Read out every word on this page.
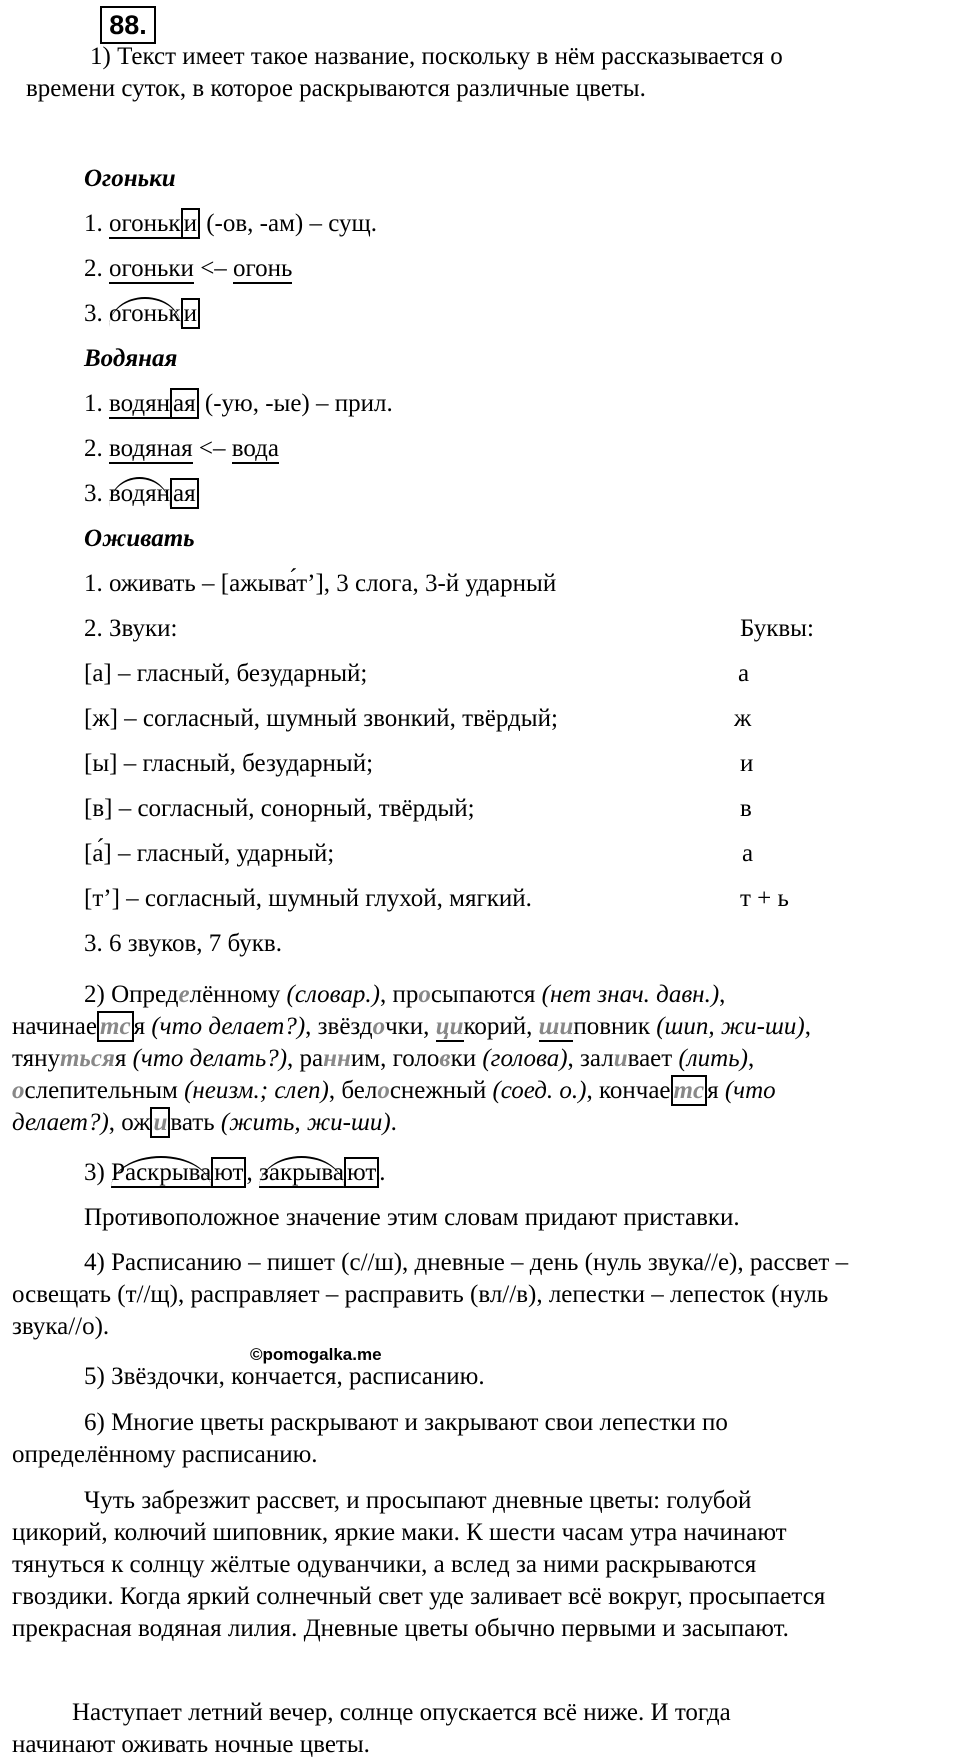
88.
1) Текст имеет такое название, поскольку в нём рассказывается о
времени суток, в которое раскрываются различные цветы.
Огоньки
1. огоньк и (-ов, -ам) – сущ.
2. огоньки <– огонь
3. огоньк и
Водяная
1. водян ая (-ую, -ые) – прил.
2. водяная <– вода
3. водян ая
Оживать
1. оживать – [ажыва́т’], 3 слога, 3-й ударный
2. Звуки:	Буквы:
[а] – гласный, безударный;	а
[ж] – согласный, шумный звонкий, твёрдый;	ж
[ы] – гласный, безударный;	и
[в] – согласный, сонорный, твёрдый;	в
[а́] – гласный, ударный;	а
[т’] – согласный, шумный глухой, мягкий.	т + ь
3. 6 звуков, 7 букв.
2) Определённому (словар.), просыпаются (нет знач. давн.),
начинае тс я (что делает?), звёздочки, цикорий, шиповник (шип, жи-ши),
тянутьсяя (что делать?), ранним, головки (голова), заливает (лить),
ослепительным (неизм.; слеп), белоснежный (соед. о.), кончае тс я (что
делает?), ож и вать (жить, жи-ши).
3) Раскрыва ют , закрыва ют .
Противоположное значение этим словам придают приставки.
4) Расписанию – пишет (с//ш), дневные – день (нуль звука//е), рассвет –
освещать (т//щ), расправляет – расправить (вл//в), лепестки – лепесток (нуль
звука//о).
©pomogalka.me
5) Звёздочки, кончается, расписанию.
6) Многие цветы раскрывают и закрывают свои лепестки по
определённому расписанию.
Чуть забрезжит рассвет, и просыпают дневные цветы: голубой
цикорий, колючий шиповник, яркие маки. К шести часам утра начинают
тянуться к солнцу жёлтые одуванчики, а вслед за ними раскрываются
гвоздики. Когда яркий солнечный свет уде заливает всё вокруг, просыпается
прекрасная водяная лилия. Дневные цветы обычно первыми и засыпают.
Наступает летний вечер, солнце опускается всё ниже. И тогда
начинают оживать ночные цветы.
